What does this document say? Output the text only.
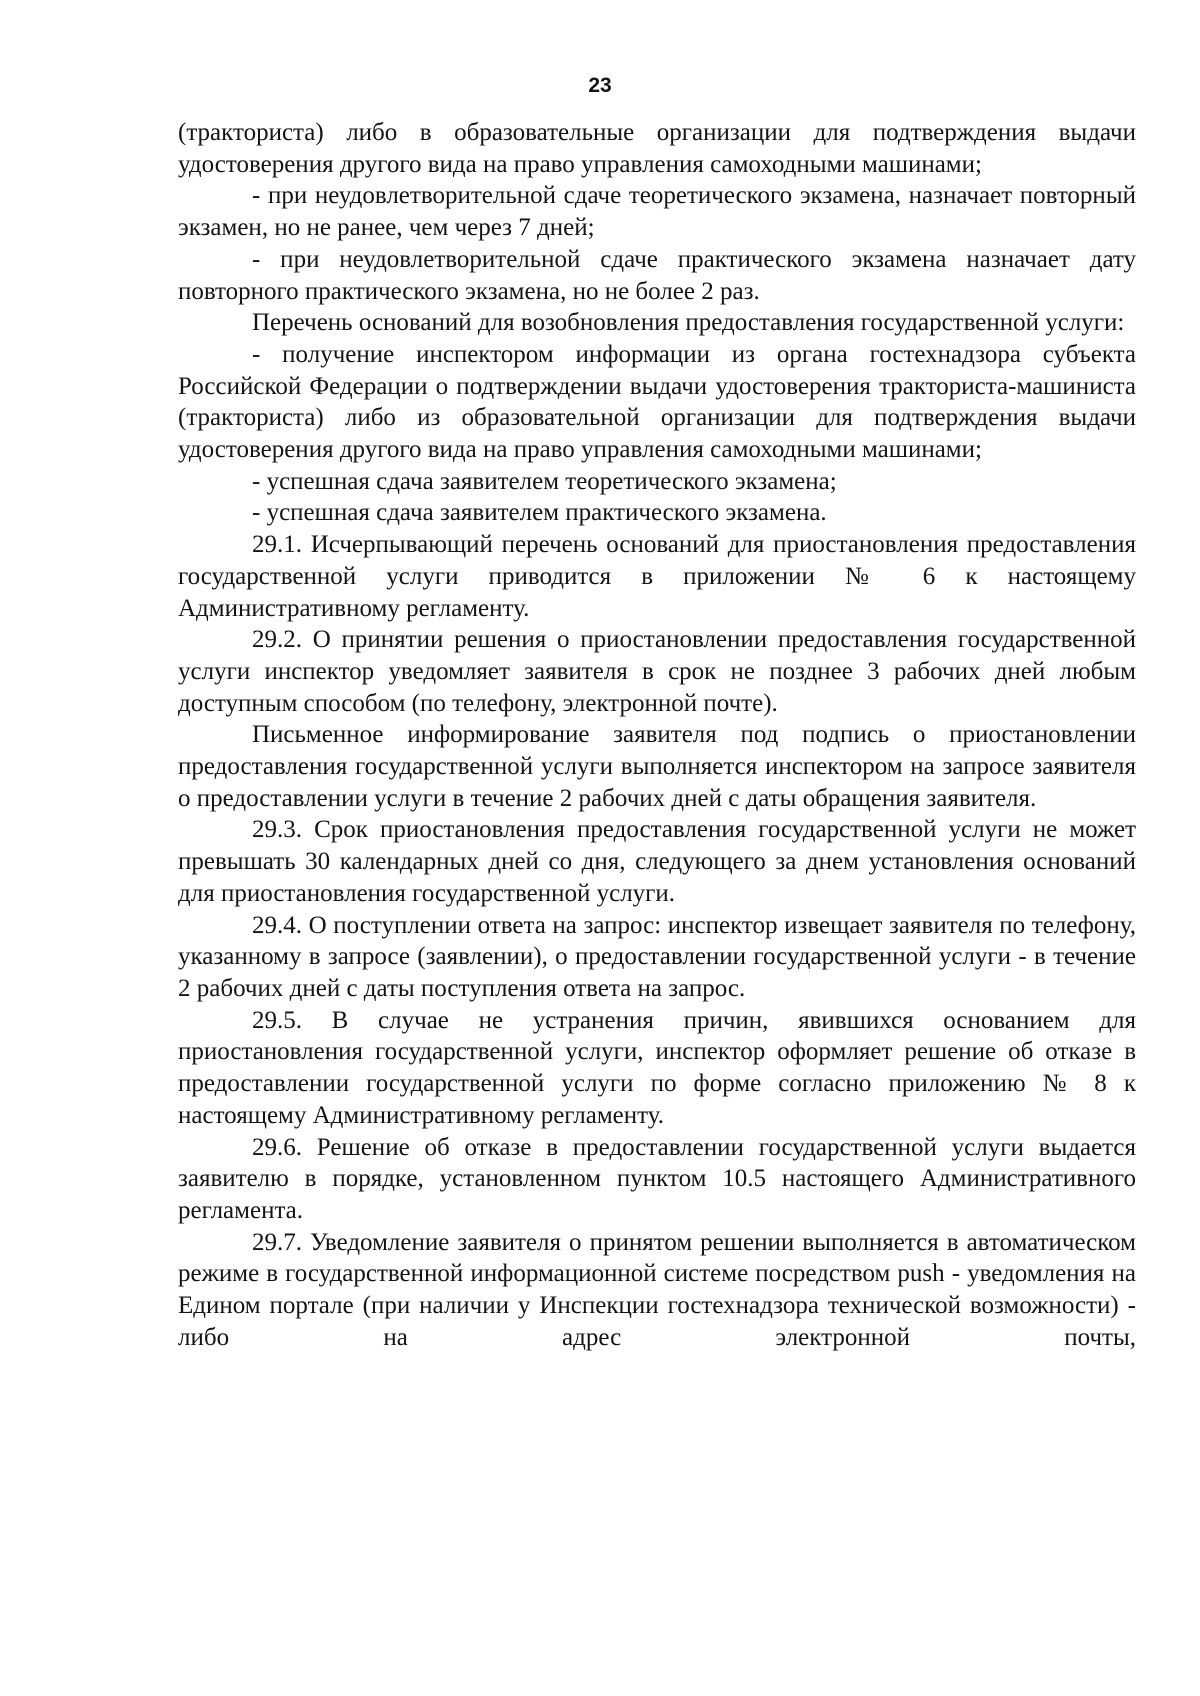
23

(тракториста) либо в образовательные организации для подтверждения выдачи удостоверения другого вида на право управления самоходными машинами;

- при неудовлетворительной сдаче теоретического экзамена, назначает повторный экзамен, но не ранее, чем через 7 дней;

- при неудовлетворительной сдаче практического экзамена назначает дату повторного практического экзамена, но не более 2 раз.

Перечень оснований для возобновления предоставления государственной услуги:

- получение инспектором информации из органа гостехнадзора субъекта Российской Федерации о подтверждении выдачи удостоверения тракториста-машиниста (тракториста) либо из образовательной организации для подтверждения выдачи удостоверения другого вида на право управления самоходными машинами;

- успешная сдача заявителем теоретического экзамена;

- успешная сдача заявителем практического экзамена.

29.1. Исчерпывающий перечень оснований для приостановления предоставления государственной услуги приводится в приложении № 6 к настоящему Административному регламенту.

29.2. О принятии решения о приостановлении предоставления государственной услуги инспектор уведомляет заявителя в срок не позднее 3 рабочих дней любым доступным способом (по телефону, электронной почте).

Письменное информирование заявителя под подпись о приостановлении предоставления государственной услуги выполняется инспектором на запросе заявителя о предоставлении услуги в течение 2 рабочих дней с даты обращения заявителя.

29.3. Срок приостановления предоставления государственной услуги не может превышать 30 календарных дней со дня, следующего за днем установления оснований для приостановления государственной услуги.

29.4. О поступлении ответа на запрос: инспектор извещает заявителя по телефону, указанному в запросе (заявлении), о предоставлении государственной услуги - в течение 2 рабочих дней с даты поступления ответа на запрос.

29.5. В случае не устранения причин, явившихся основанием для приостановления государственной услуги, инспектор оформляет решение об отказе в предоставлении государственной услуги по форме согласно приложению № 8 к настоящему Административному регламенту.

29.6. Решение об отказе в предоставлении государственной услуги выдается заявителю в порядке, установленном пунктом 10.5 настоящего Административного регламента.

29.7. Уведомление заявителя о принятом решении выполняется в автоматическом режиме в государственной информационной системе посредством push - уведомления на Едином портале (при наличии у Инспекции гостехнадзора технической возможности) - либо на адрес электронной почты,
